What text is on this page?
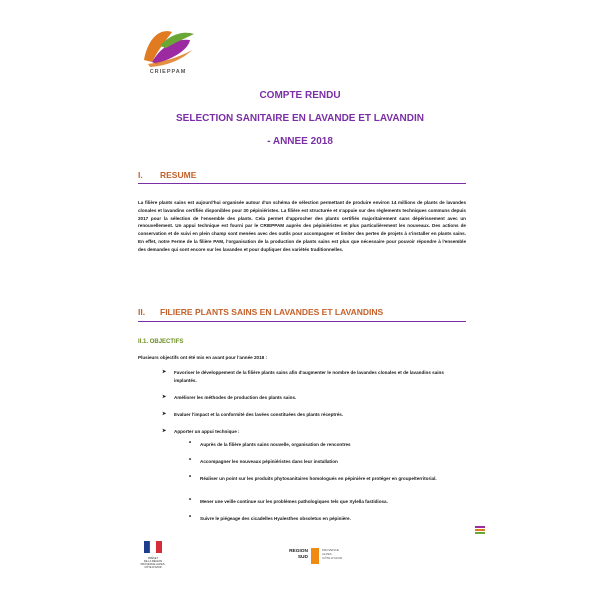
CRIEPPAM
COMPTE RENDU
SELECTION SANITAIRE EN LAVANDE ET LAVANDIN
- ANNEE 2018
I. RESUME
La filière plants sains est aujourd'hui organisée autour d'un schéma de sélection permettant de produire environ 14 millions de plants de lavandes clonales et lavandins certifiés disponibles pour 30 pépiniéristes. La filière est structurée et s'appuie sur des règlements techniques communs depuis 2017 pour la sélection de l'ensemble des plants. Cela permet d'approcher des plants certifiés majoritairement sans dépérissement avec un renouvellement. Un appui technique est fourni par le CRIEPPAM auprès des pépiniéristes et plus particulièrement les nouveaux. Des actions de conservation et de suivi en plein champ sont menées avec des outils pour accompagner et limiter des pertes de projets à s'installer en plants sains. En effet, notre Ferme de la filière PAM, l'organisation de la production de plants sains est plus que nécessaire pour pouvoir répondre à l'ensemble des demandes qui sont encore sur les lavandes et pour dupliquer des variétés traditionnelles.
II. FILIERE PLANTS SAINS EN LAVANDES ET LAVANDINS
II.1. OBJECTIFS
Plusieurs objectifs ont été mis en avant pour l'année 2018 :
➤ Favoriser le développement de la filière plants sains afin d'augmenter le nombre de lavandes clonales et de lavandins sains implantés.
➤ Améliorer les méthodes de production des plants sains.
➤ Evaluer l'impact et la conformité des lavées constituées des plants réceptrés.
➤ Apporter un appui technique :
• Auprès de la filière plants sains nouvelle, organisation de rencontres
• Accompagner les nouveaux pépiniéristes dans leur installation
• Réaliser un point sur les produits phytosanitaires homologués en pépinière et protéger en groupe/territorial.
• Mener une veille continue sur les problèmes pathologiques tels que Xylella fastidiosa.
• Suivre le piégeage des cicadelles Hyalesthes obsoletus en pépinière.
PRÉFET
DE LA RÉGION
PROVENCE-ALPES-
CÔTE D'AZUR
REGION
SUD
PROVENCE
ALPES
CÔTE D'AZUR
